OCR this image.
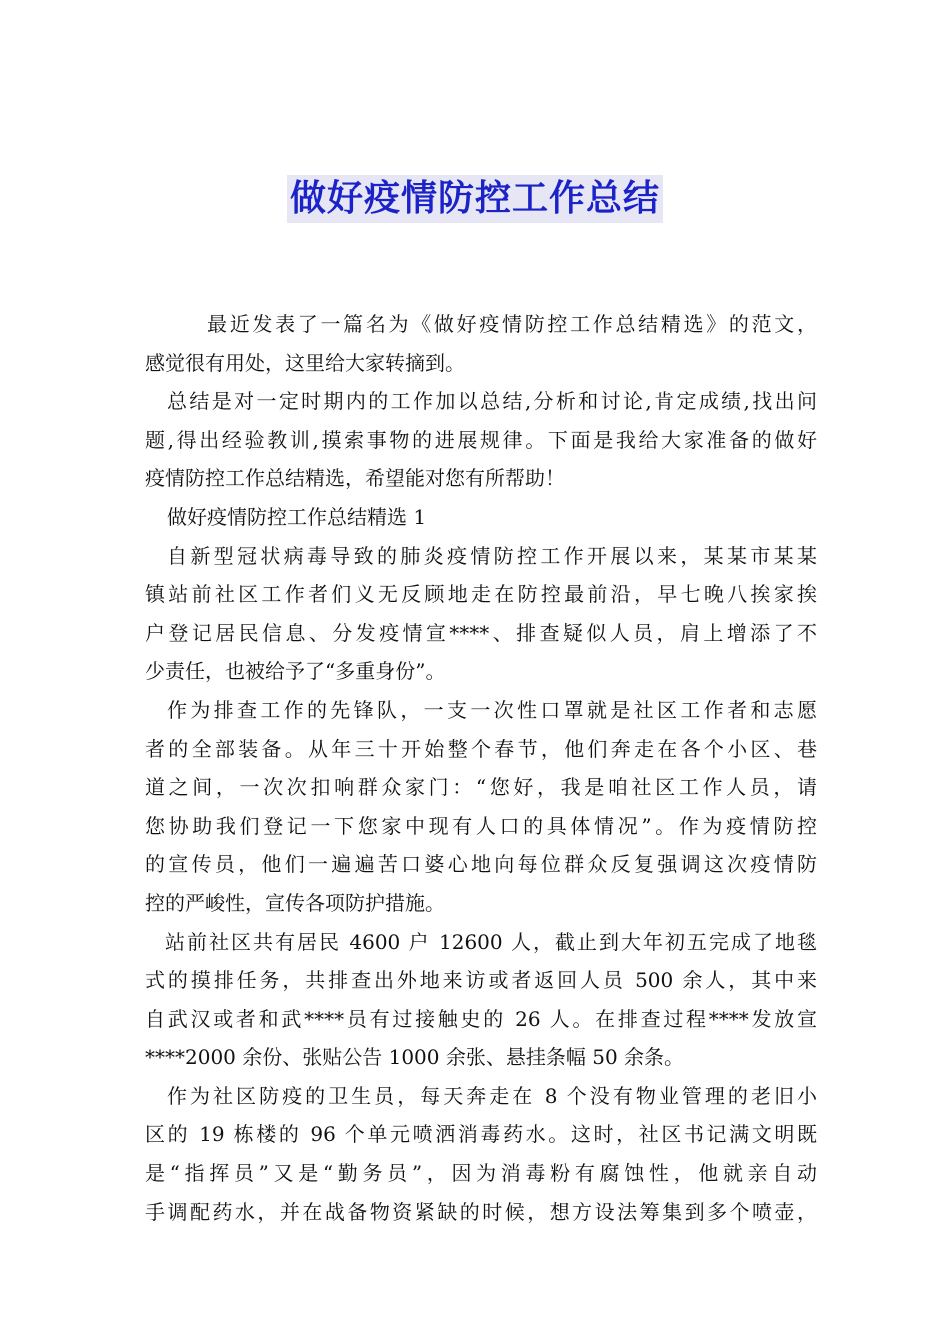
做好疫情防控工作总结
最近发表了一篇名为《做好疫情防控工作总结精选》的范文，
感觉很有用处，这里给大家转摘到。
总结是对一定时期内的工作加以总结,分析和讨论,肯定成绩,找出问
题,得出经验教训,摸索事物的进展规律。下面是我给大家准备的做好
疫情防控工作总结精选，希望能对您有所帮助！
做好疫情防控工作总结精选 1
自新型冠状病毒导致的肺炎疫情防控工作开展以来，某某市某某
镇站前社区工作者们义无反顾地走在防控最前沿，早七晚八挨家挨
户登记居民信息、分发疫情宣****、排查疑似人员，肩上增添了不
少责任，也被给予了“多重身份”。
作为排查工作的先锋队，一支一次性口罩就是社区工作者和志愿
者的全部装备。从年三十开始整个春节，他们奔走在各个小区、巷
道之间，一次次扣响群众家门：“您好，我是咱社区工作人员，请
您协助我们登记一下您家中现有人口的具体情况”。作为疫情防控
的宣传员，他们一遍遍苦口婆心地向每位群众反复强调这次疫情防
控的严峻性，宣传各项防护措施。
站前社区共有居民 4600 户 12600 人，截止到大年初五完成了地毯
式的摸排任务，共排查出外地来访或者返回人员 500 余人，其中来
自武汉或者和武****员有过接触史的 26 人。在排查过程****发放宣
****2000 余份、张贴公告 1000 余张、悬挂条幅 50 余条。
作为社区防疫的卫生员，每天奔走在 8 个没有物业管理的老旧小
区的 19 栋楼的 96 个单元喷洒消毒药水。这时，社区书记满文明既
是“指挥员”又是“勤务员”，因为消毒粉有腐蚀性，他就亲自动
手调配药水，并在战备物资紧缺的时候，想方设法筹集到多个喷壶，
